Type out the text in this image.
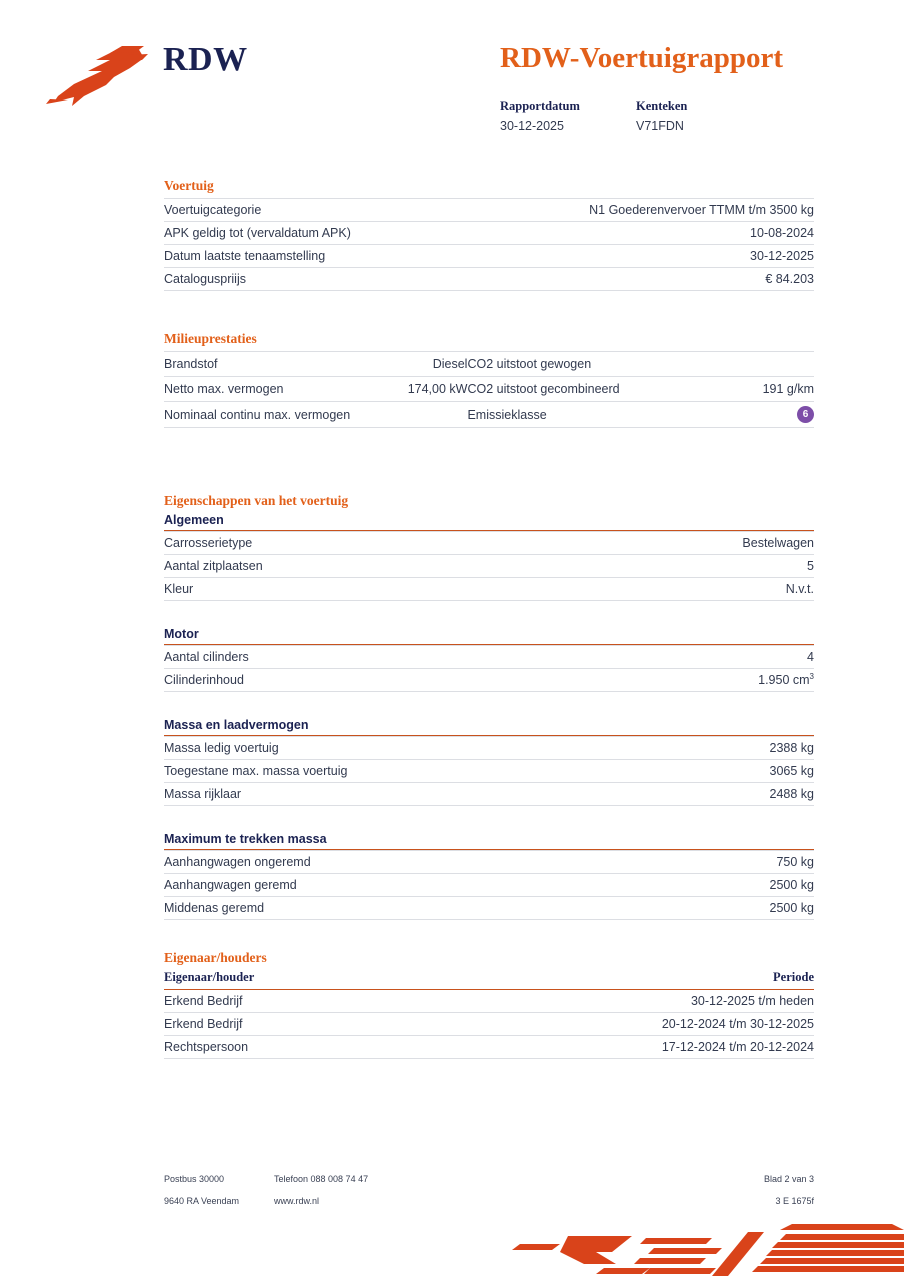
RDW	RDW-Voertuigrapport
Rapportdatum
30-12-2025
Kenteken
V71FDN
Voertuig
Voertuigcategorie	N1 Goederenvervoer TTMM t/m 3500 kg
APK geldig tot (vervaldatum APK)	10-08-2024
Datum laatste tenaamstelling	30-12-2025
Cataloguspriijs	€ 84.203
Milieuprestaties
Brandstof	Diesel	CO2 uitstoot gewogen	
Netto max. vermogen	174,00 kW	CO2 uitstoot gecombineerd	191 g/km
Nominaal continu max. vermogen		Emissieklasse	6
Eigenschappen van het voertuig
Algemeen
Carrosserietype	Bestelwagen
Aantal zitplaatsen	5
Kleur	N.v.t.
Motor
Aantal cilinders	4
Cilinderinhoud	1.950 $cm^3$
Massa en laadvermogen
Massa ledig voertuig	2388 kg
Toegestane max. massa voertuig	3065 kg
Massa rijklaar	2488 kg
Maximum te trekken massa
Aanhangwagen ongeremd	750 kg
Aanhangwagen geremd	2500 kg
Middenas geremd	2500 kg
Eigenaar/houders
Eigenaar/houder	Periode
Erkend Bedrijf	30-12-2025 t/m heden
Erkend Bedrijf	20-12-2024 t/m 30-12-2025
Rechtspersoon	17-12-2024 t/m 20-12-2024
Postbus 30000	Telefoon 088 008 74 47	Blad 2 van 3
9640 RA Veendam	www.rdw.nl	3 E 1675f
